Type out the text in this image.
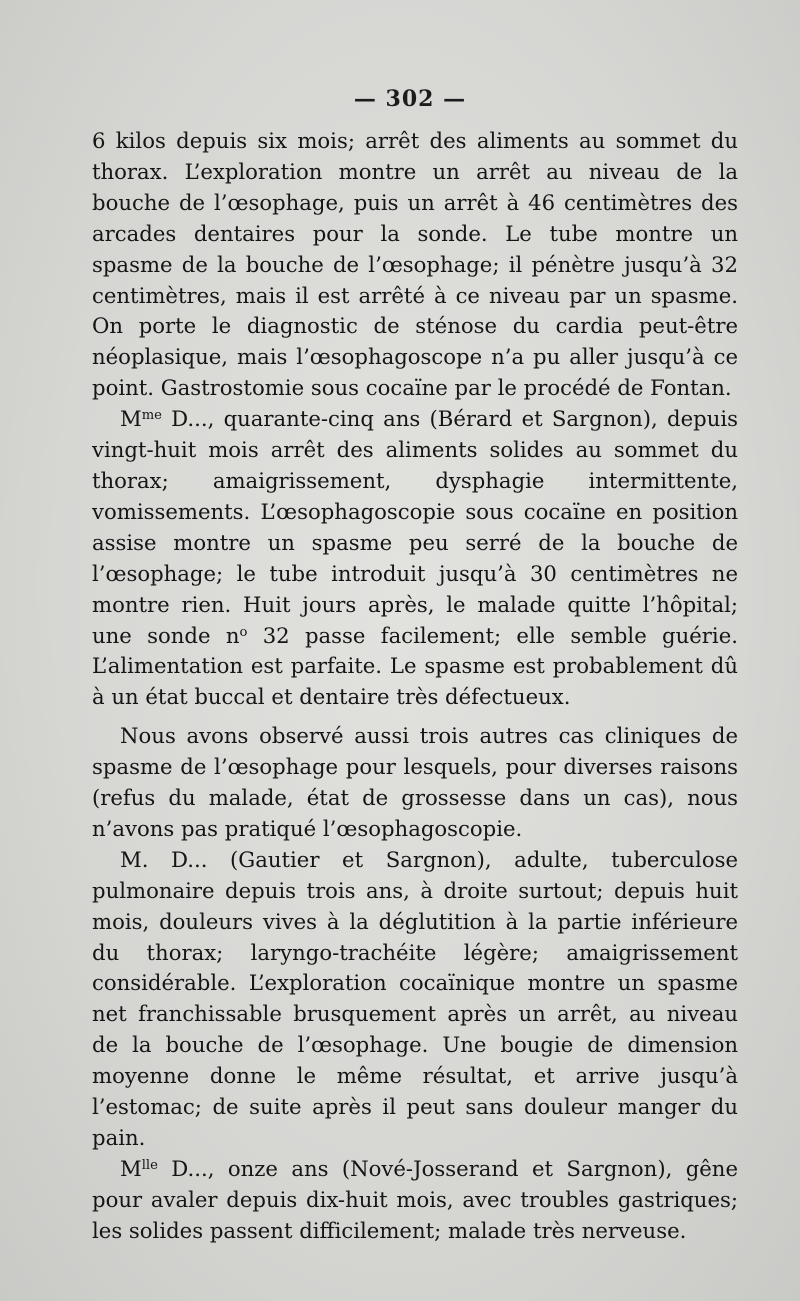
— 302 —

6 kilos depuis six mois; arrêt des aliments au sommet du thorax. L’exploration montre un arrêt au niveau de la bouche de l’œsophage, puis un arrêt à 46 centimètres des arcades dentaires pour la sonde. Le tube montre un spasme de la bouche de l’œsophage; il pénètre jusqu’à 32 centimètres, mais il est arrêté à ce niveau par un spasme. On porte le diagnostic de sténose du cardia peut-être néoplasique, mais l’œsophagoscope n’a pu aller jusqu’à ce point. Gastrostomie sous cocaïne par le procédé de Fontan.

$M^{me}$ D..., quarante-cinq ans (Bérard et Sargnon), depuis vingt-huit mois arrêt des aliments solides au sommet du thorax; amaigrissement, dysphagie intermittente, vomissements. L’œsophagoscopie sous cocaïne en position assise montre un spasme peu serré de la bouche de l’œsophage; le tube introduit jusqu’à 30 centimètres ne montre rien. Huit jours après, le malade quitte l’hôpital; une sonde $n^o$ 32 passe facilement; elle semble guérie. L’alimentation est parfaite. Le spasme est probablement dû à un état buccal et dentaire très défectueux.

Nous avons observé aussi trois autres cas cliniques de spasme de l’œsophage pour lesquels, pour diverses raisons (refus du malade, état de grossesse dans un cas), nous n’avons pas pratiqué l’œsophagoscopie.

M. D... (Gautier et Sargnon), adulte, tuberculose pulmonaire depuis trois ans, à droite surtout; depuis huit mois, douleurs vives à la déglutition à la partie inférieure du thorax; laryngo-trachéite légère; amaigrissement considérable. L’exploration cocaïnique montre un spasme net franchissable brusquement après un arrêt, au niveau de la bouche de l’œsophage. Une bougie de dimension moyenne donne le même résultat, et arrive jusqu’à l’estomac; de suite après il peut sans douleur manger du pain.

$M^{lle}$ D..., onze ans (Nové-Josserand et Sargnon), gêne pour avaler depuis dix-huit mois, avec troubles gastriques; les solides passent difficilement; malade très nerveuse.
